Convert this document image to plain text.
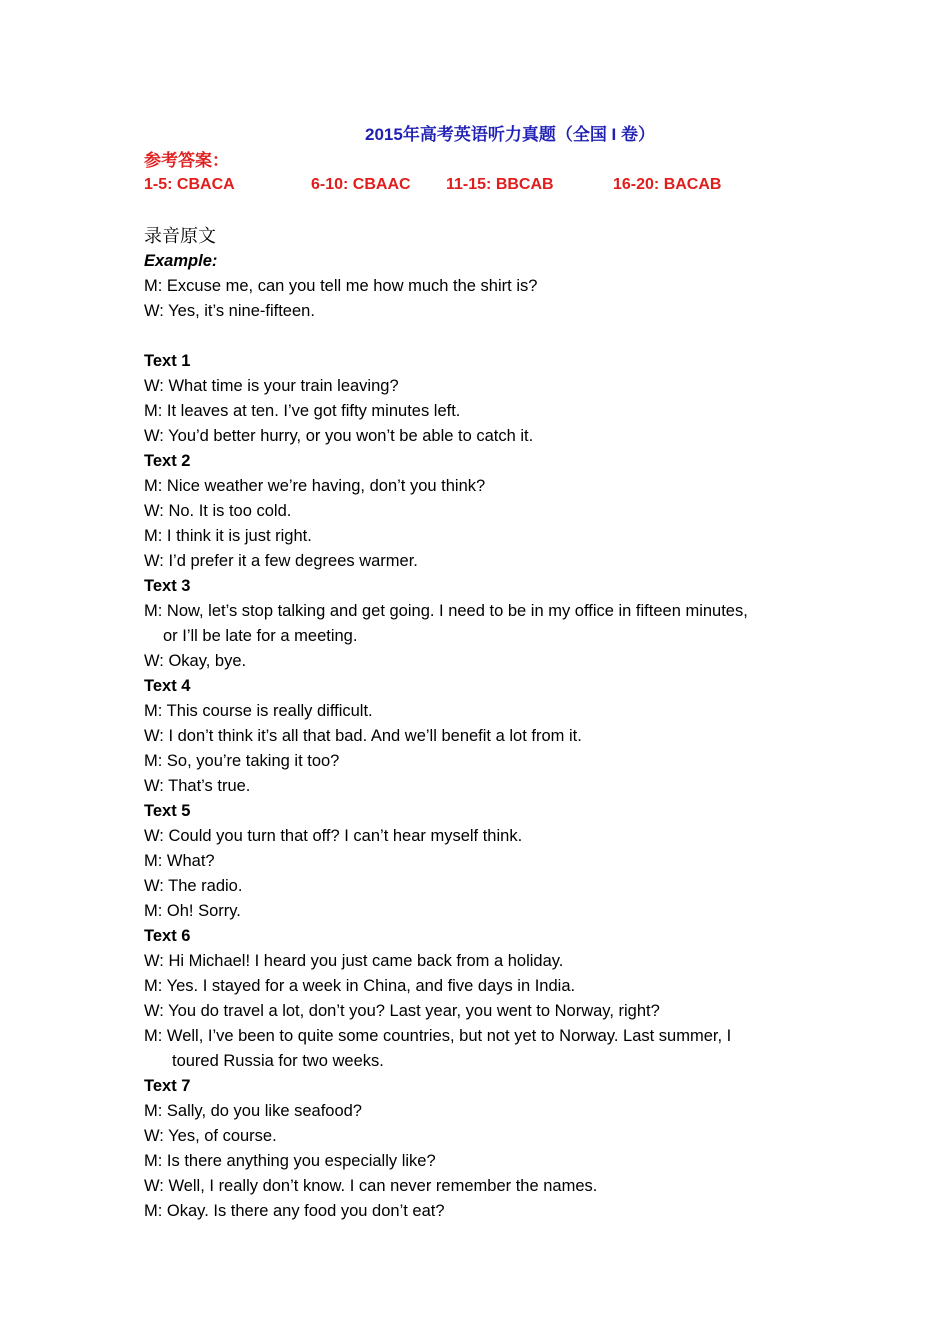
2015年高考英语听力真题（全国 I 卷）
参考答案：
1-5: CBACA	6-10: CBAAC 11-15: BBCAB	16-20: BACAB
录音原文
Example:
M: Excuse me, can you tell me how much the shirt is?
W: Yes, it’s nine-fifteen.
Text 1
W: What time is your train leaving?
M: It leaves at ten. I’ve got fifty minutes left.
W: You’d better hurry, or you won’t be able to catch it.
Text 2
M: Nice weather we’re having, don’t you think?
W: No. It is too cold.
M: I think it is just right.
W: I’d prefer it a few degrees warmer.
Text 3
M: Now, let’s stop talking and get going. I need to be in my office in fifteen minutes,
or I’ll be late for a meeting.
W: Okay, bye.
Text 4
M: This course is really difficult.
W: I don’t think it’s all that bad. And we’ll benefit a lot from it.
M: So, you’re taking it too?
W: That’s true.
Text 5
W: Could you turn that off? I can’t hear myself think.
M: What?
W: The radio.
M: Oh! Sorry.
Text 6
W: Hi Michael! I heard you just came back from a holiday.
M: Yes. I stayed for a week in China, and five days in India.
W: You do travel a lot, don’t you? Last year, you went to Norway, right?
M: Well, I’ve been to quite some countries, but not yet to Norway. Last summer, I
toured Russia for two weeks.
Text 7
M: Sally, do you like seafood?
W: Yes, of course.
M: Is there anything you especially like?
W: Well, I really don’t know. I can never remember the names.
M: Okay. Is there any food you don’t eat?
